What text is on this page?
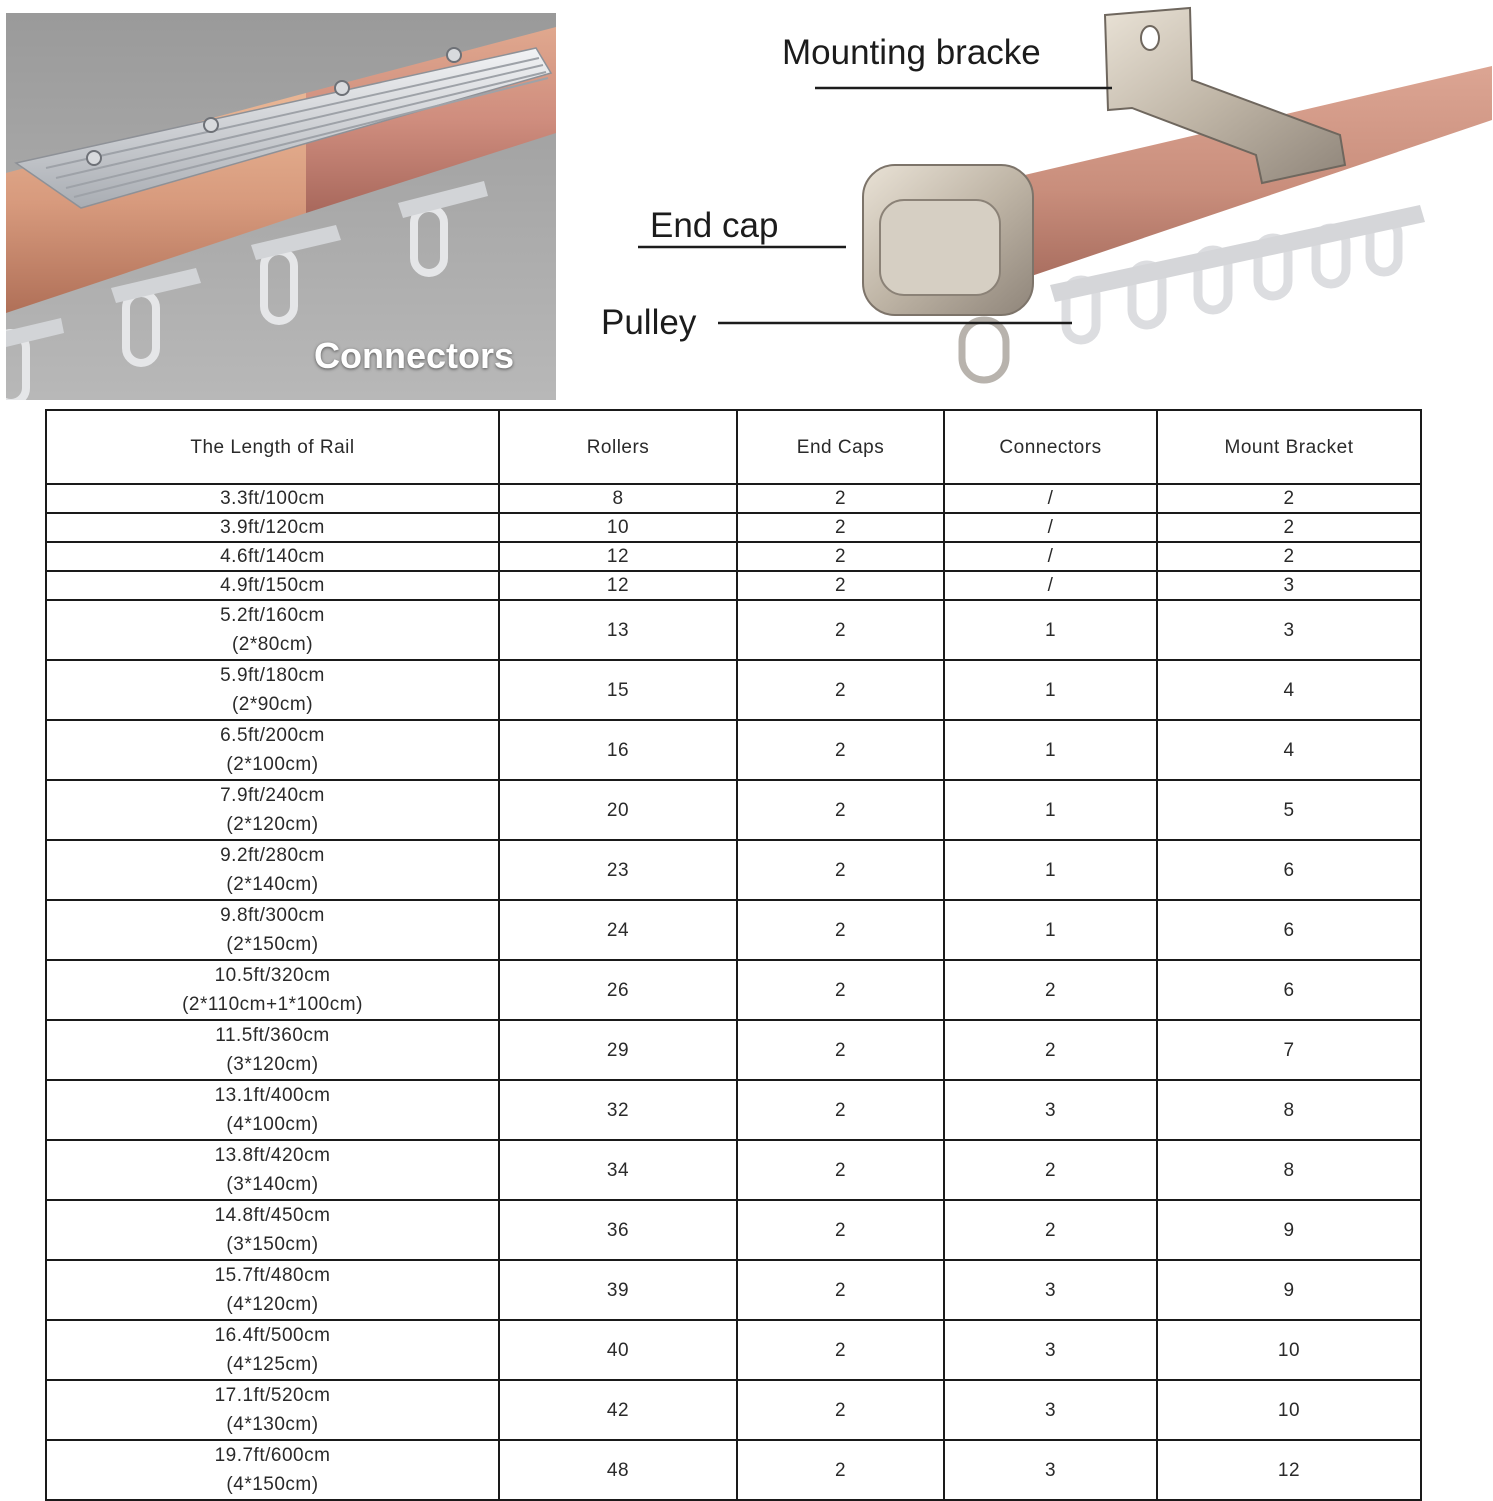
Connectors
Mounting bracke
End cap
Pulley
The Length of Rail	Rollers	End Caps	Connectors	Mount Bracket

3.3ft/100cm	8	2	/	2

3.9ft/120cm	10	2	/	2

4.6ft/140cm	12	2	/	2

4.9ft/150cm	12	2	/	3

5.2ft/160cm
(2*80cm)	13	2	1	3

5.9ft/180cm
(2*90cm)	15	2	1	4

6.5ft/200cm
(2*100cm)	16	2	1	4

7.9ft/240cm
(2*120cm)	20	2	1	5

9.2ft/280cm
(2*140cm)	23	2	1	6

9.8ft/300cm
(2*150cm)	24	2	1	6

10.5ft/320cm
(2*110cm+1*100cm)	26	2	2	6

11.5ft/360cm
(3*120cm)	29	2	2	7

13.1ft/400cm
(4*100cm)	32	2	3	8

13.8ft/420cm
(3*140cm)	34	2	2	8

14.8ft/450cm
(3*150cm)	36	2	2	9

15.7ft/480cm
(4*120cm)	39	2	3	9

16.4ft/500cm
(4*125cm)	40	2	3	10

17.1ft/520cm
(4*130cm)	42	2	3	10

19.7ft/600cm
(4*150cm)	48	2	3	12
